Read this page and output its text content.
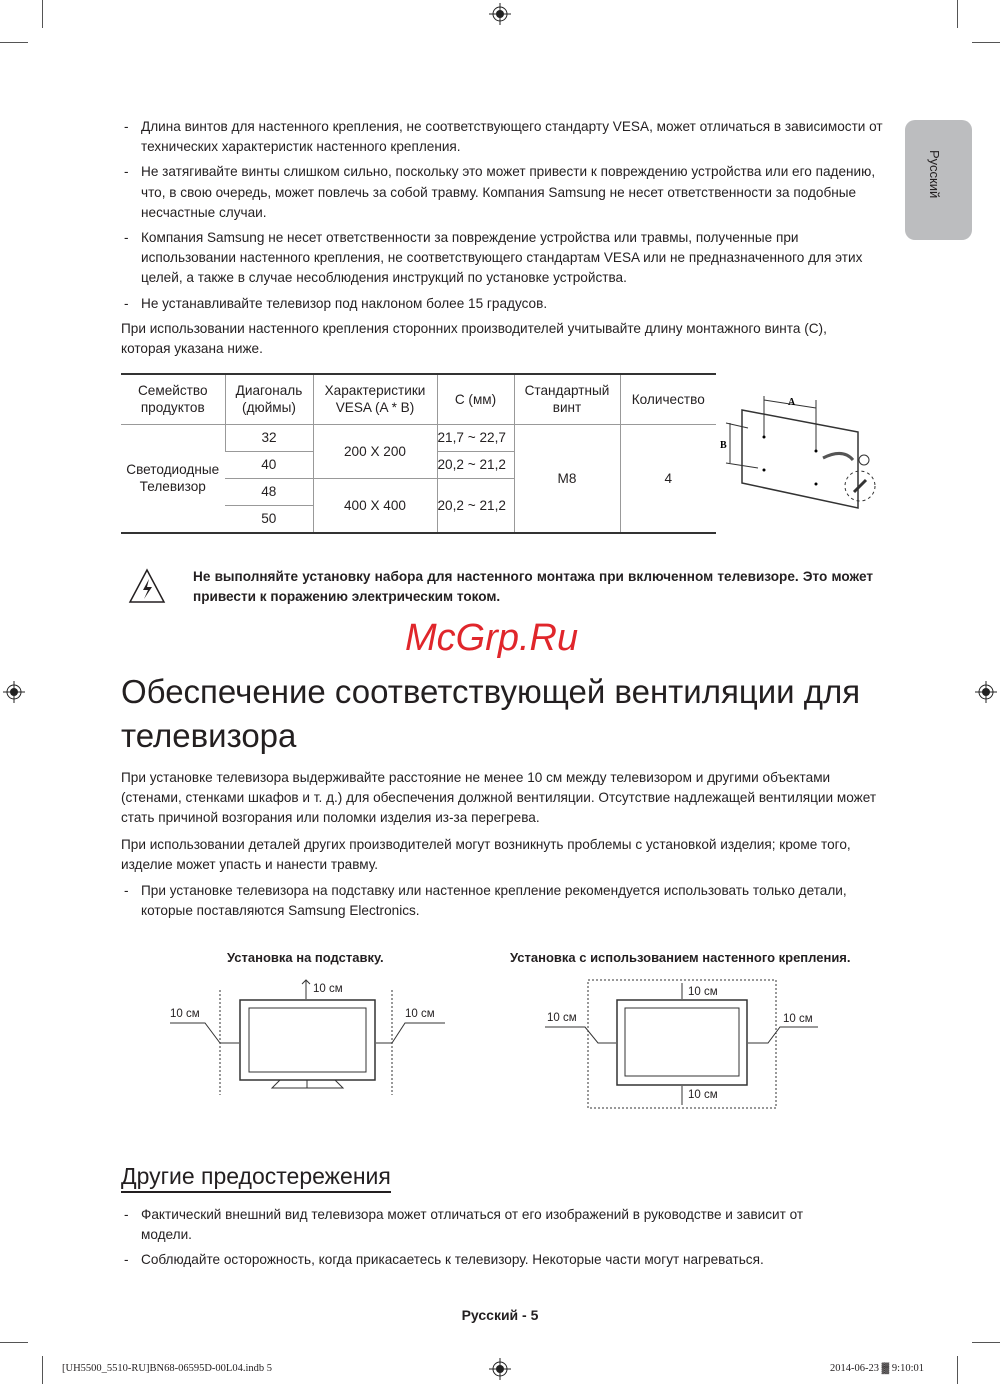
Русский
- Длина винтов для настенного крепления, не соответствующего стандарту VESA, может отличаться в зависимости от технических характеристик настенного крепления.
- Не затягивайте винты слишком сильно, поскольку это может привести к повреждению устройства или его падению, что, в свою очередь, может повлечь за собой травму. Компания Samsung не несет ответственности за подобные несчастные случаи.
- Компания Samsung не несет ответственности за повреждение устройства или травмы, полученные при использовании настенного крепления, не соответствующего стандартам VESA или не предназначенного для этих целей, а также в случае несоблюдения инструкций по установке устройства.
- Не устанавливайте телевизор под наклоном более 15 градусов.
При использовании настенного крепления сторонних производителей учитывайте длину монтажного винта (C), которая указана ниже.
Семейство продуктов	Диагональ (дюймы)	Характеристики VESA (A * B)	C (мм)	Стандартный винт	Количество
Светодиодные Телевизор	32	200 X 200	21,7 ~ 22,7	M8	4
	40		20,2 ~ 21,2		
	48	400 X 400	20,2 ~ 21,2		
	50				
A
B
Не выполняйте установку набора для настенного монтажа при включенном телевизоре. Это может привести к поражению электрическим током.
McGrp.Ru
Обеспечение соответствующей вентиляции для телевизора
При установке телевизора выдерживайте расстояние не менее 10 см между телевизором и другими объектами (стенами, стенками шкафов и т. д.) для обеспечения должной вентиляции. Отсутствие надлежащей вентиляции может стать причиной возгорания или поломки изделия из-за перегрева.
При использовании деталей других производителей могут возникнуть проблемы с установкой изделия; кроме того, изделие может упасть и нанести травму.
- При установке телевизора на подставку или настенное крепление рекомендуется использовать только детали, которые поставляются Samsung Electronics.
Установка на подставку.	Установка с использованием настенного крепления.
10 см
10 см	10 см
10 см
10 см
10 см	10 см
Другие предостережения
- Фактический внешний вид телевизора может отличаться от его изображений в руководстве и зависит от модели.
- Соблюдайте осторожность, когда прикасаетесь к телевизору. Некоторые части могут нагреваться.
Русский - 5
[UH5500_5510-RU]BN68-06595D-00L04.indb 5	2014-06-23 ▓ 9:10:01
